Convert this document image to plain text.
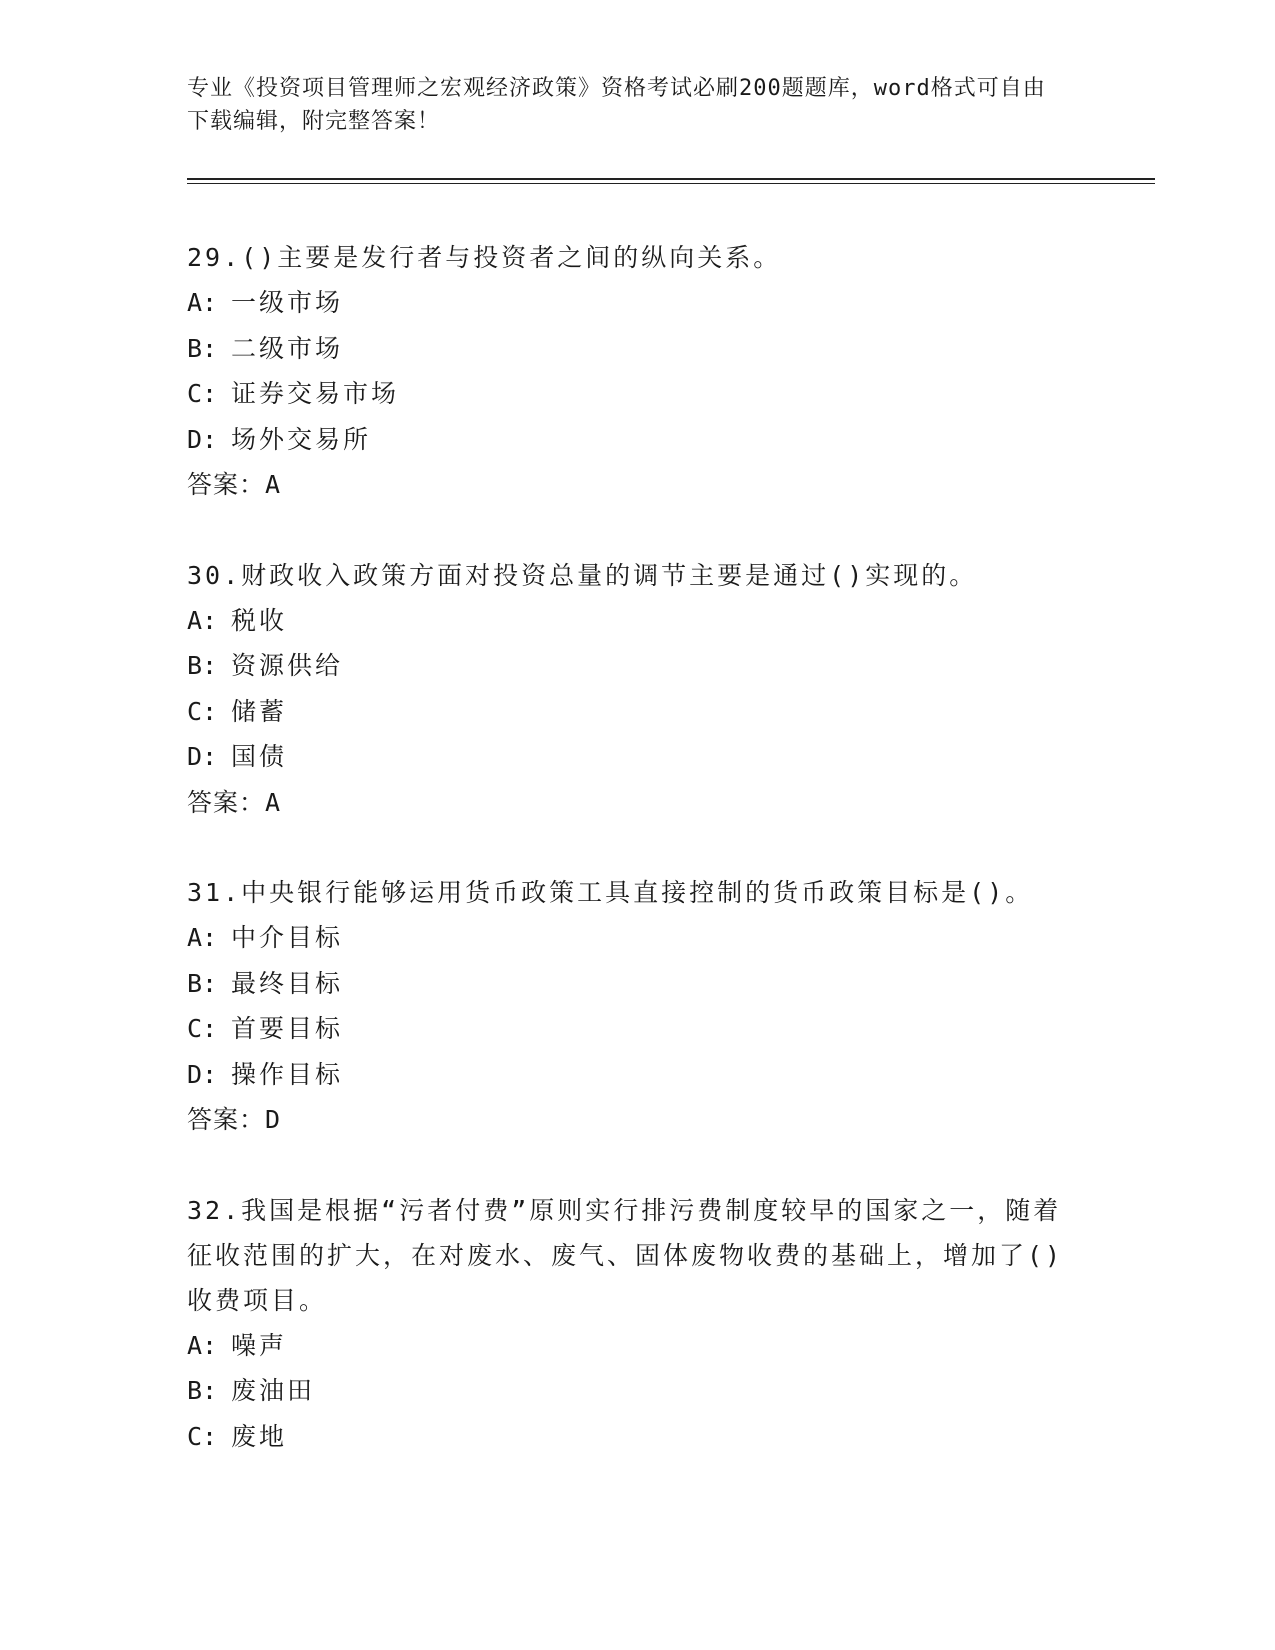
专业《投资项目管理师之宏观经济政策》资格考试必刷200题题库，word格式可自由下载编辑，附完整答案！
29.()主要是发行者与投资者之间的纵向关系。
A: 一级市场
B: 二级市场
C: 证券交易市场
D: 场外交易所
答案：A
30.财政收入政策方面对投资总量的调节主要是通过()实现的。
A: 税收
B: 资源供给
C: 储蓄
D: 国债
答案：A
31.中央银行能够运用货币政策工具直接控制的货币政策目标是()。
A: 中介目标
B: 最终目标
C: 首要目标
D: 操作目标
答案：D
32.我国是根据“污者付费”原则实行排污费制度较早的国家之一，随着征收范围的扩大，在对废水、废气、固体废物收费的基础上，增加了()收费项目。
A: 噪声
B: 废油田
C: 废地
